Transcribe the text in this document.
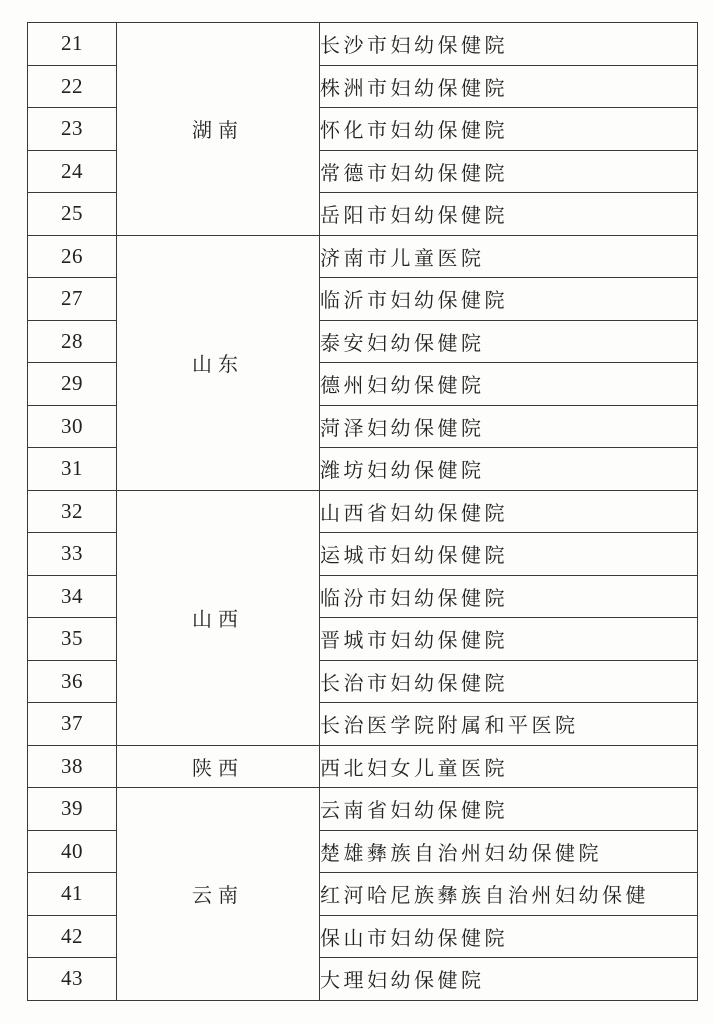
21	湖南	长沙市妇幼保健院
22		株洲市妇幼保健院
23		怀化市妇幼保健院
24		常德市妇幼保健院
25		岳阳市妇幼保健院
26	山东	济南市儿童医院
27		临沂市妇幼保健院
28		泰安妇幼保健院
29		德州妇幼保健院
30		菏泽妇幼保健院
31		潍坊妇幼保健院
32	山西	山西省妇幼保健院
33		运城市妇幼保健院
34		临汾市妇幼保健院
35		晋城市妇幼保健院
36		长治市妇幼保健院
37		长治医学院附属和平医院
38	陕西	西北妇女儿童医院
39	云南	云南省妇幼保健院
40		楚雄彝族自治州妇幼保健院
41		红河哈尼族彝族自治州妇幼保健
42		保山市妇幼保健院
43		大理妇幼保健院
